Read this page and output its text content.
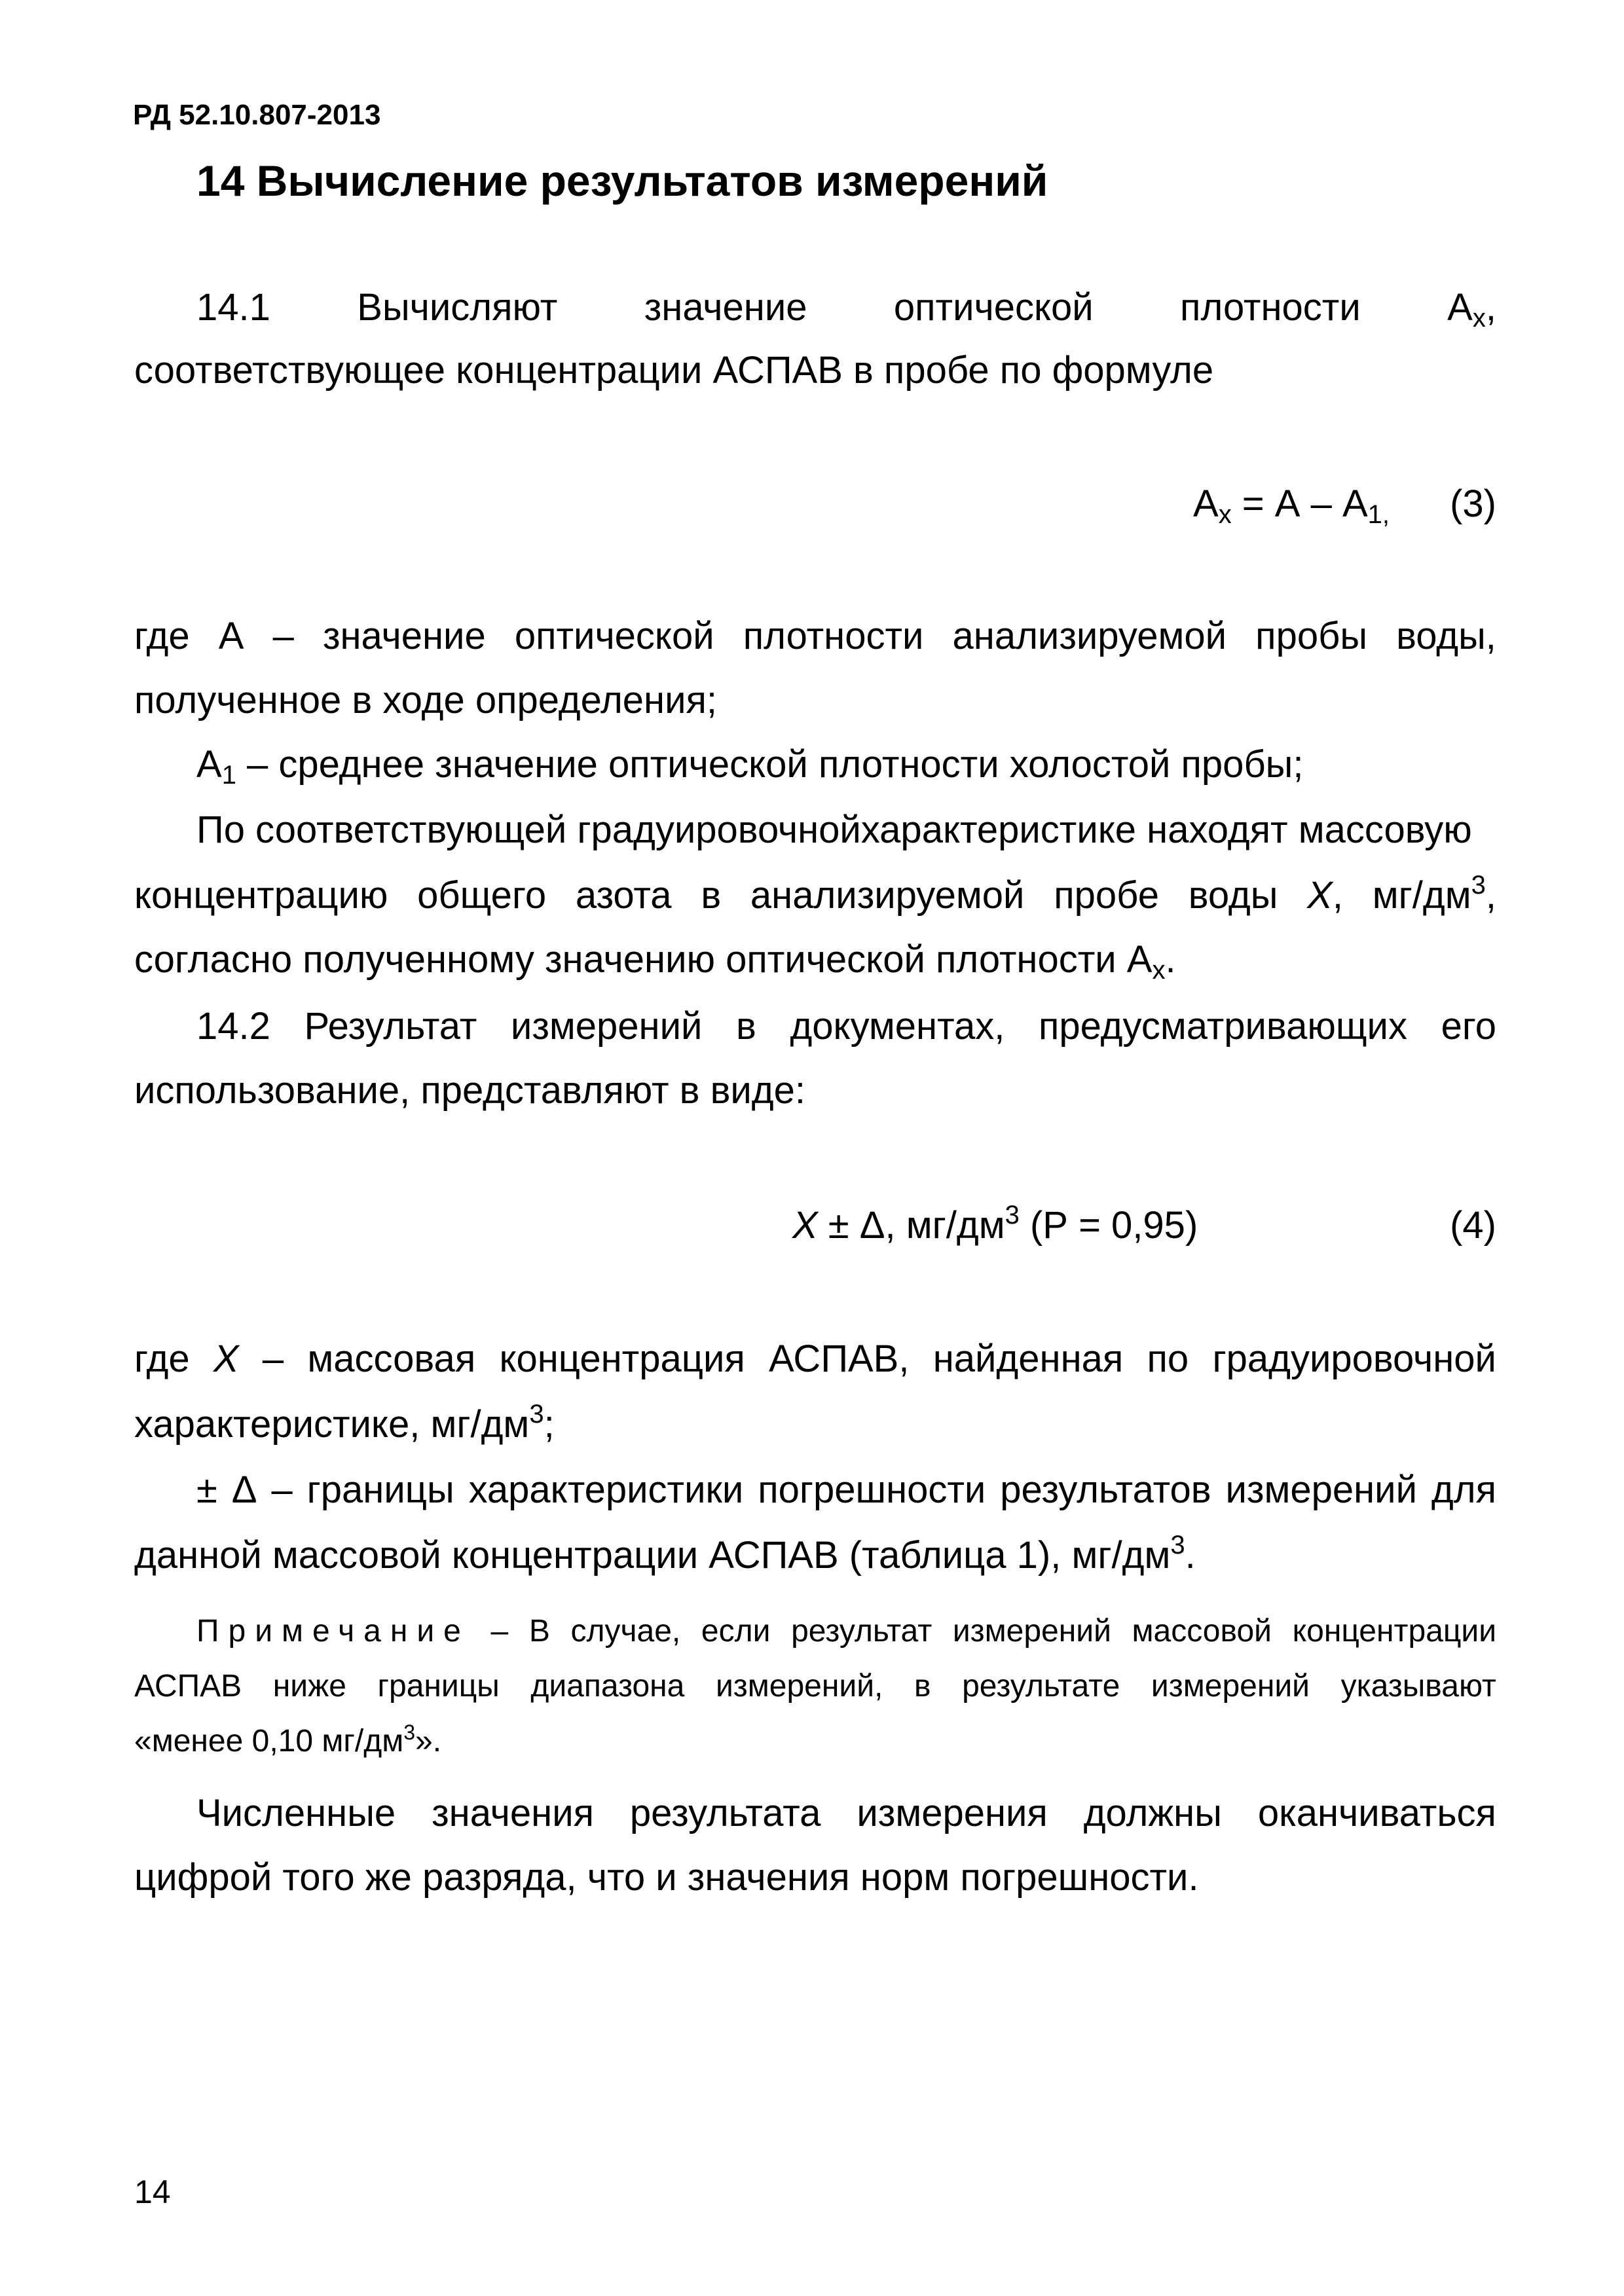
РД 52.10.807-2013
14 Вычисление результатов измерений
14.1 Вычисляют значение оптической плотности $А_х$,
соответствующее концентрации АСПАВ в пробе по формуле
$А_х = А - А_{1,}$ (3)
где А – значение оптической плотности анализируемой пробы воды,
полученное в ходе определения;
$А_1$ – среднее значение оптической плотности холостой пробы;
По соответствующей градуировочнойхарактеристике находят массовую
концентрацию общего азота в анализируемой пробе воды X, $мг/дм^3$,
согласно полученному значению оптической плотности $А_х$.
14.2 Результат измерений в документах, предусматривающих его
использование, представляют в виде:
X ± Δ, $мг/дм^3$ (Р = 0,95)	(4)
где X – массовая концентрация АСПАВ, найденная по градуировочной
характеристике, $мг/дм^3$;
± Δ – границы характеристики погрешности результатов измерений для
данной массовой концентрации АСПАВ (таблица 1), $мг/дм^3$.
Примечание – В случае, если результат измерений массовой концентрации
АСПАВ ниже границы диапазона измерений, в результате измерений указывают
«менее 0,10 мг/дм$^3$».
Численные значения результата измерения должны оканчиваться
цифрой того же разряда, что и значения норм погрешности.
14
